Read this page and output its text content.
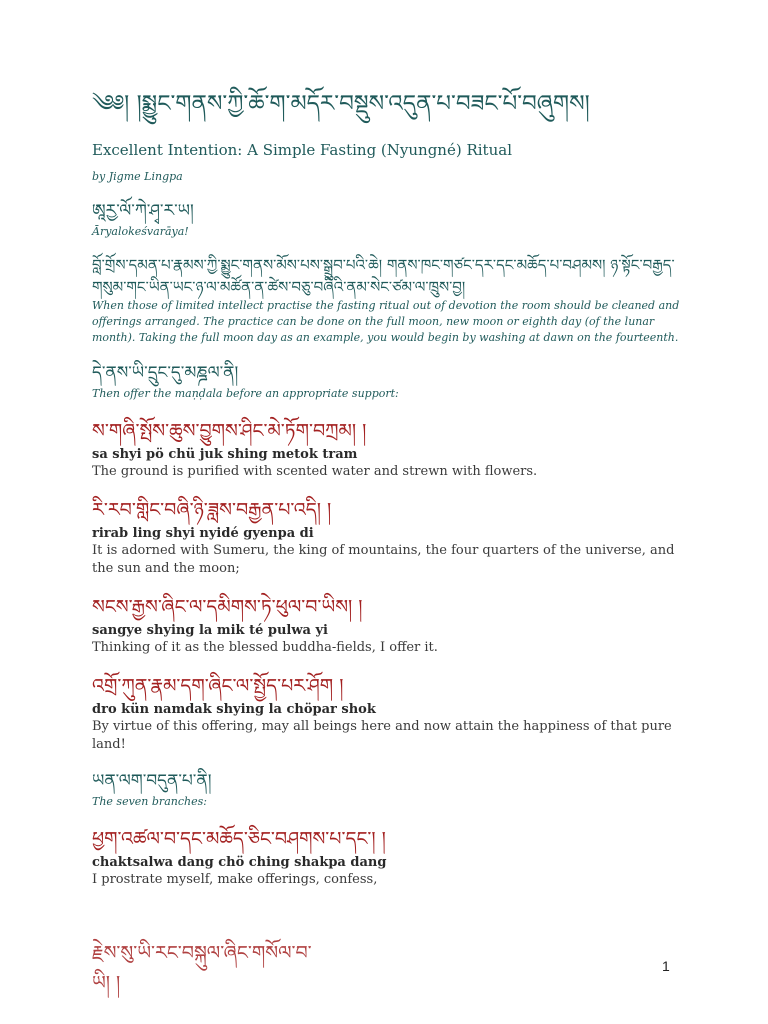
༄༅། །སྨྱུང་གནས་ཀྱི་ཆོ་ག་མདོར་བསྡུས་འདུན་པ་བཟང་པོ་བཞུགས།
Excellent Intention: A Simple Fasting (Nyungné) Ritual
by Jigme Lingpa
ཨཱརྱ་ལོ་ཀེ་ཤྭ་ར་ཡ།
Āryalokeśvarāya!
བློ་གྲོས་དམན་པ་རྣམས་ཀྱི་སྨྱུང་གནས་མོས་པས་སྒྲུབ་པའི་ཆེ། གནས་ཁང་གཙང་དར་དང་མཆོད་པ་བཤམས། ཉ་སྟོང་བརྒྱད་གསུམ་གང་ཡིན་ཡང་ཉ་ལ་མཚོན་ན་ཚེས་བཅུ་བཞིའི་ནམ་སེང་ཙམ་ལ་ཁྲུས་བྱ།
When those of limited intellect practise the fasting ritual out of devotion the room should be cleaned and offerings arranged. The practice can be done on the full moon, new moon or eighth day (of the lunar month). Taking the full moon day as an example, you would begin by washing at dawn on the fourteenth.
དེ་ནས་ཡི་དྲུང་དུ་མཎྜལ་ནི།
Then offer the maṇḍala before an appropriate support:
ས་གཞི་སྤོས་ཆུས་བྱུགས་ཤིང་མེ་ཏོག་བཀྲམ། །
sa shyi pö chü juk shing metok tram
The ground is purified with scented water and strewn with flowers.
རི་རབ་གླིང་བཞི་ཉི་ཟླས་བརྒྱན་པ་འདི། །
rirab ling shyi nyidé gyenpa di
It is adorned with Sumeru, the king of mountains, the four quarters of the universe, and the sun and the moon;
སངས་རྒྱས་ཞིང་ལ་དམིགས་ཏེ་ཕུལ་བ་ཡིས། །
sangye shying la mik té pulwa yi
Thinking of it as the blessed buddha-fields, I offer it.
འགྲོ་ཀུན་རྣམ་དག་ཞིང་ལ་སྤྱོད་པར་ཤོག །
dro kün namdak shying la chöpar shok
By virtue of this offering, may all beings here and now attain the happiness of that pure land!
ཡན་ལག་བདུན་པ་ནི།
The seven branches:
ཕྱག་འཚལ་བ་དང་མཆོད་ཅིང་བཤགས་པ་དང་། །
chaktsalwa dang chö ching shakpa dang
I prostrate myself, make offerings, confess,
རྗེས་སུ་ཡི་རང་བསྐུལ་ཞིང་གསོལ་བ་ཡི། །
1
